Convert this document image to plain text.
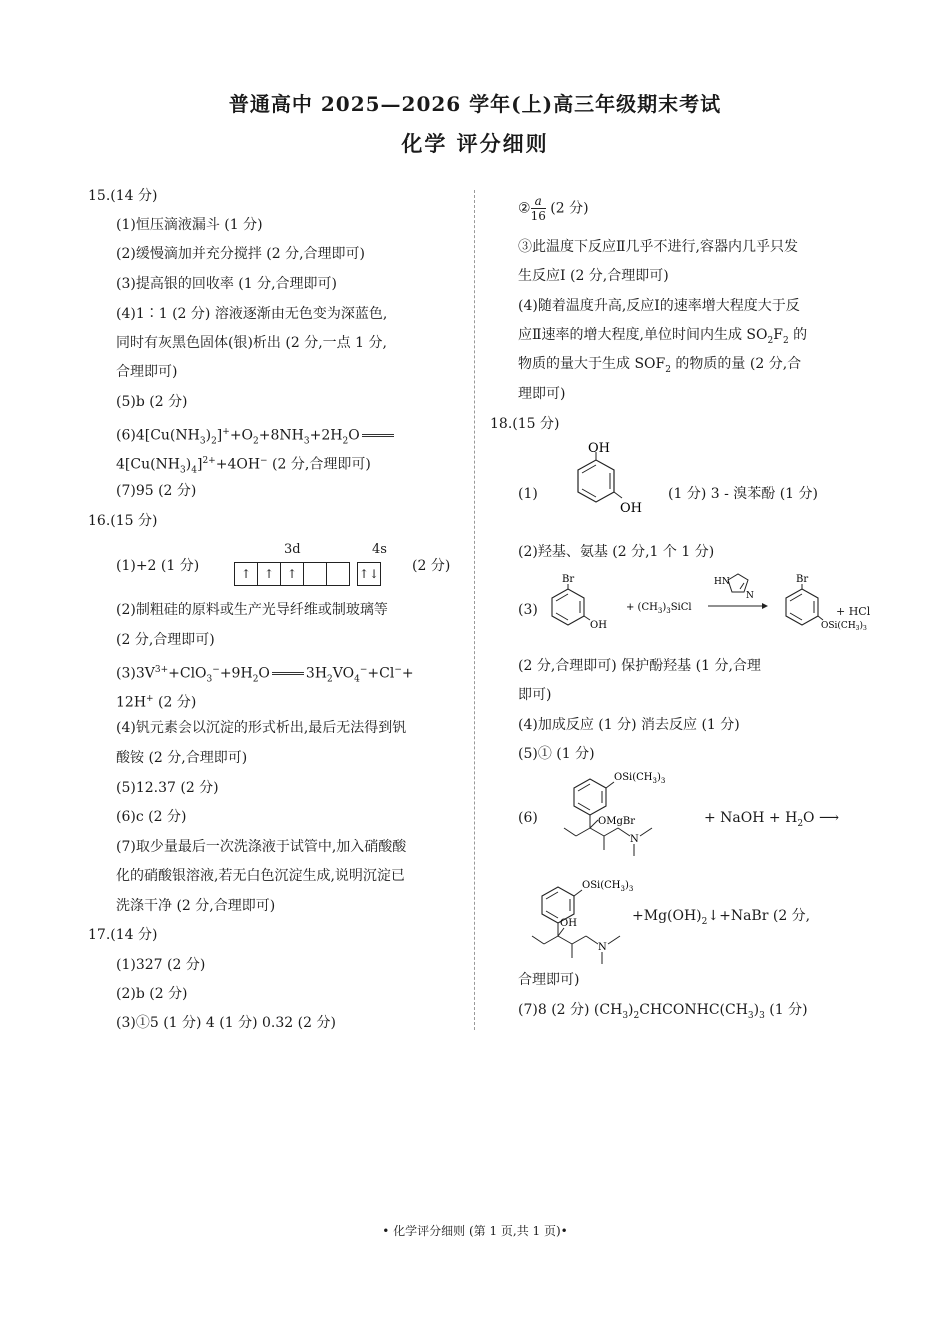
普通高中 2025—2026 学年(上)高三年级期末考试
化学 评分细则
15.(14 分)
(1)恒压滴液漏斗 (1 分)
(2)缓慢滴加并充分搅拌 (2 分,合理即可)
(3)提高银的回收率 (1 分,合理即可)
(4)1∶1 (2 分) 溶液逐渐由无色变为深蓝色,
同时有灰黑色固体(银)析出 (2 分,一点 1 分,
合理即可)
(5)b (2 分)
$(6)4[Cu(NH_3)_2]^++O_2+8NH_3+2H_2O$
$4[Cu(NH_3)_4]^{2+}+4OH^-$ (2 分,合理即可)
(7)95 (2 分)
16.(15 分)
(1)+2 (1 分)
3d	4s
↑ ↑ ↑	↑↓ (2 分)
(2)制粗硅的原料或生产光导纤维或制玻璃等
(2 分,合理即可)
$(3)3V^{3+}+ClO_3^-+9H_2O$	$3H_2VO_4^-+Cl^-+$
12H+ (2 分)
(4)钒元素会以沉淀的形式析出,最后无法得到钒
酸铵 (2 分,合理即可)
(5)12.37 (2 分)
(6)c (2 分)
(7)取少量最后一次洗涤液于试管中,加入硝酸酸
化的硝酸银溶液,若无白色沉淀生成,说明沉淀已
洗涤干净 (2 分,合理即可)
17.(14 分)
(1)327 (2 分)
(2)b (2 分)
(3)①5 (1 分) 4 (1 分) 0.32 (2 分)
② $\frac{a}{16} (2$ 分)
③此温度下反应Ⅱ几乎不进行,容器内几乎只发
生反应Ⅰ (2 分,合理即可)
(4)随着温度升高,反应Ⅰ的速率增大程度大于反
应Ⅱ速率的增大程度,单位时间内生成 $SO_2F_2$ 的
物质的量大于生成 $SOF_2$ 的物质的量 (2 分,合
理即可)
18.(15 分)
(1)
OH
OH
(1 分) 3 - 溴苯酚 (1 分)
(2)羟基、氨基 (2 分,1 个 1 分)
(3)
Br
OH
+ $(CH_3)_3SiCl$
HN
N
Br
$OSi(CH_3)_3$
+ HCl
(2 分,合理即可) 保护酚羟基 (1 分,合理
即可)
(4)加成反应 (1 分) 消去反应 (1 分)
(5)① (1 分)
(6)
$OSi(CH_3)_3$
OMgBr
N
+ NaOH + $H_2O$ ⟶
$OSi(CH_3)_3$
OH
N
$+Mg(OH)_2↓+NaBr$ (2 分,
合理即可)
(7)8 (2 分) $(CH_3)_2CHCONHC(CH_3)_3$ (1 分)
• 化学评分细则 (第 1 页,共 1 页)•
